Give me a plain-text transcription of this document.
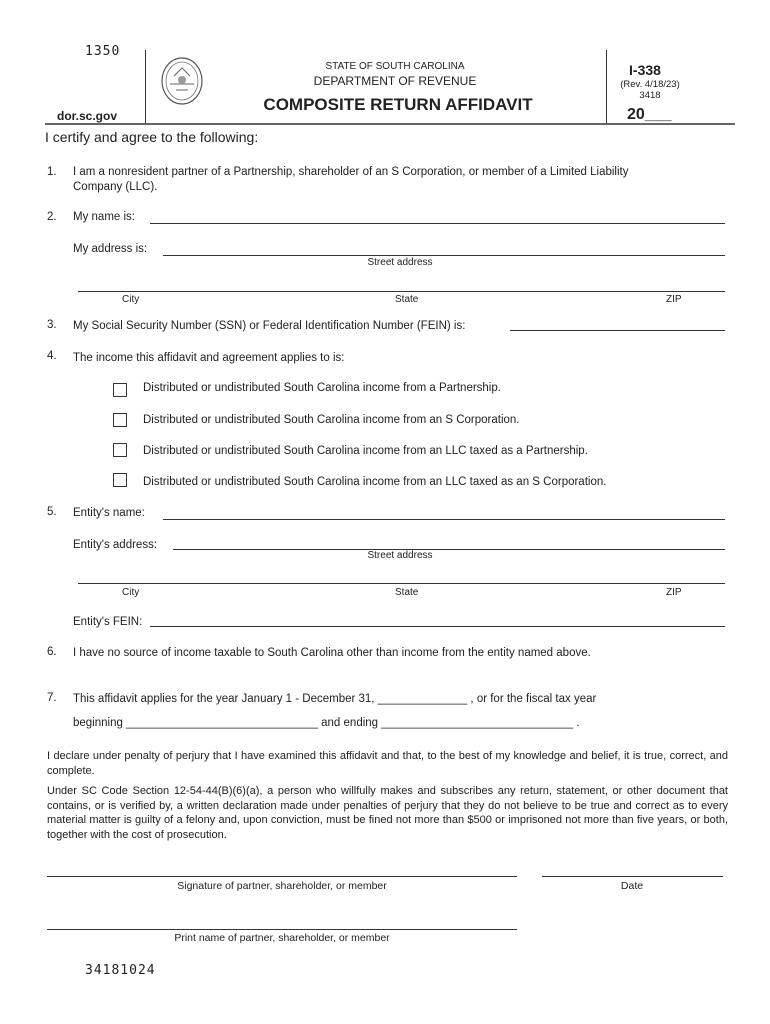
1350
dor.sc.gov
STATE OF SOUTH CAROLINA
DEPARTMENT OF REVENUE
COMPOSITE RETURN AFFIDAVIT
I-338
(Rev. 4/18/23)
3418
20___
I certify and agree to the following:
1. I am a nonresident partner of a Partnership, shareholder of an S Corporation, or member of a Limited Liability
Company (LLC).
2. My name is:
My address is:
Street address
City	State	ZIP
3. My Social Security Number (SSN) or Federal Identification Number (FEIN) is:
4. The income this affidavit and agreement applies to is:
Distributed or undistributed South Carolina income from a Partnership.
Distributed or undistributed South Carolina income from an S Corporation.
Distributed or undistributed South Carolina income from an LLC taxed as a Partnership.
Distributed or undistributed South Carolina income from an LLC taxed as an S Corporation.
5. Entity's name:
Entity's address:
Street address
City	State	ZIP
Entity's FEIN:
6. I have no source of income taxable to South Carolina other than income from the entity named above.
7. This affidavit applies for the year January 1 - December 31, ______________ , or for the fiscal tax year
beginning ______________________________ and ending ______________________________ .
I declare under penalty of perjury that I have examined this affidavit and that, to the best of my knowledge and belief, it is true, correct, and complete.
Under SC Code Section 12-54-44(B)(6)(a), a person who willfully makes and subscribes any return, statement, or other document that contains, or is verified by, a written declaration made under penalties of perjury that they do not believe to be true and correct as to every material matter is guilty of a felony and, upon conviction, must be fined not more than $500 or imprisoned not more than five years, or both, together with the cost of prosecution.
Signature of partner, shareholder, or member	Date
Print name of partner, shareholder, or member
34181024
